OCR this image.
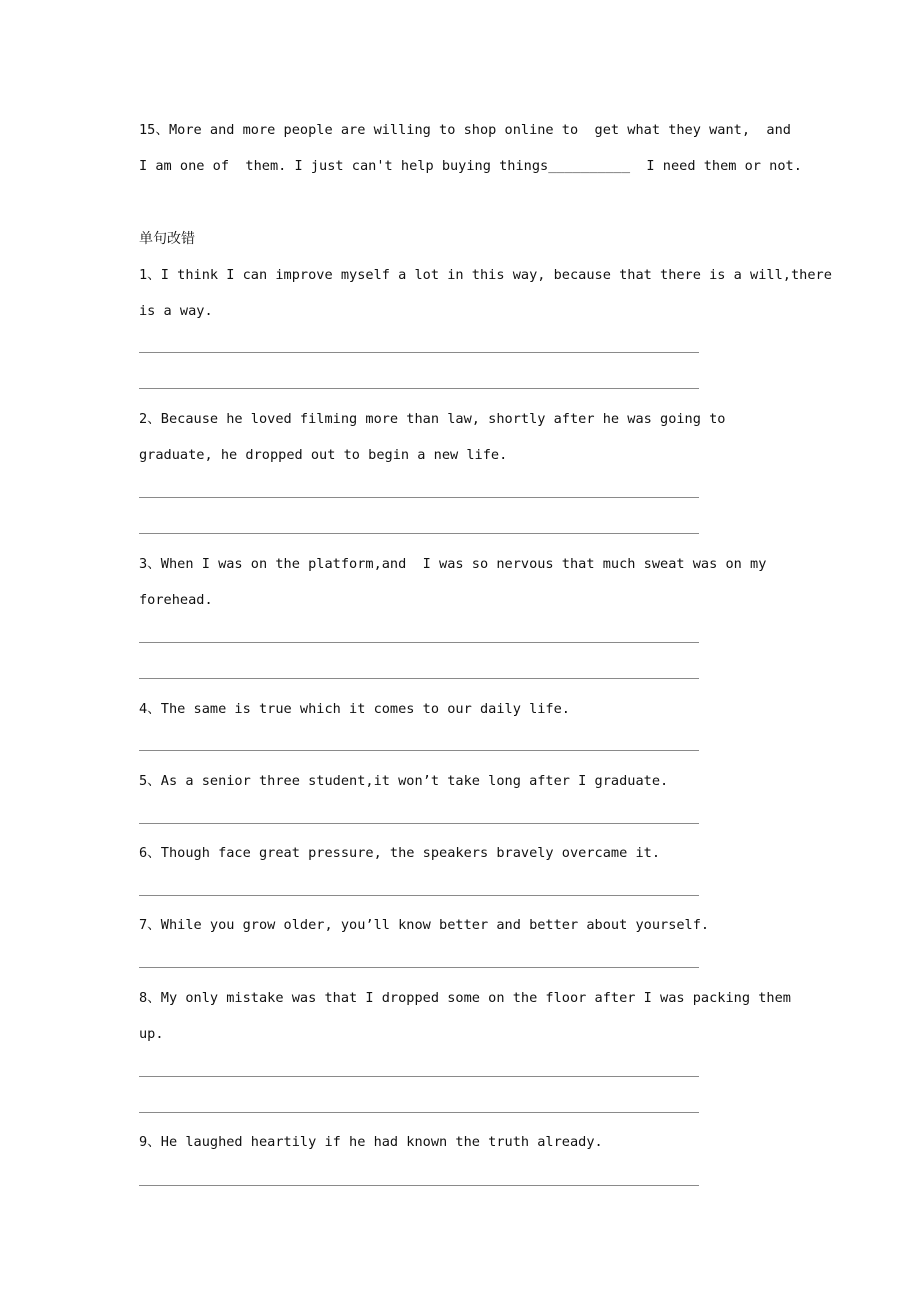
15、More and more people are willing to shop online to  get what they want,  and
I am one of  them. I just can't help buying things__________  I need them or not.
单句改错
1、I think I can improve myself a lot in this way, because that there is a will,there
is a way.
2、Because he loved filming more than law, shortly after he was going to
graduate, he dropped out to begin a new life.
3、When I was on the platform,and  I was so nervous that much sweat was on my
forehead.
4、The same is true which it comes to our daily life.
5、As a senior three student,it won’t take long after I graduate.
6、Though face great pressure, the speakers bravely overcame it.
7、While you grow older, you’ll know better and better about yourself.
8、My only mistake was that I dropped some on the floor after I was packing them
up.
9、He laughed heartily if he had known the truth already.
